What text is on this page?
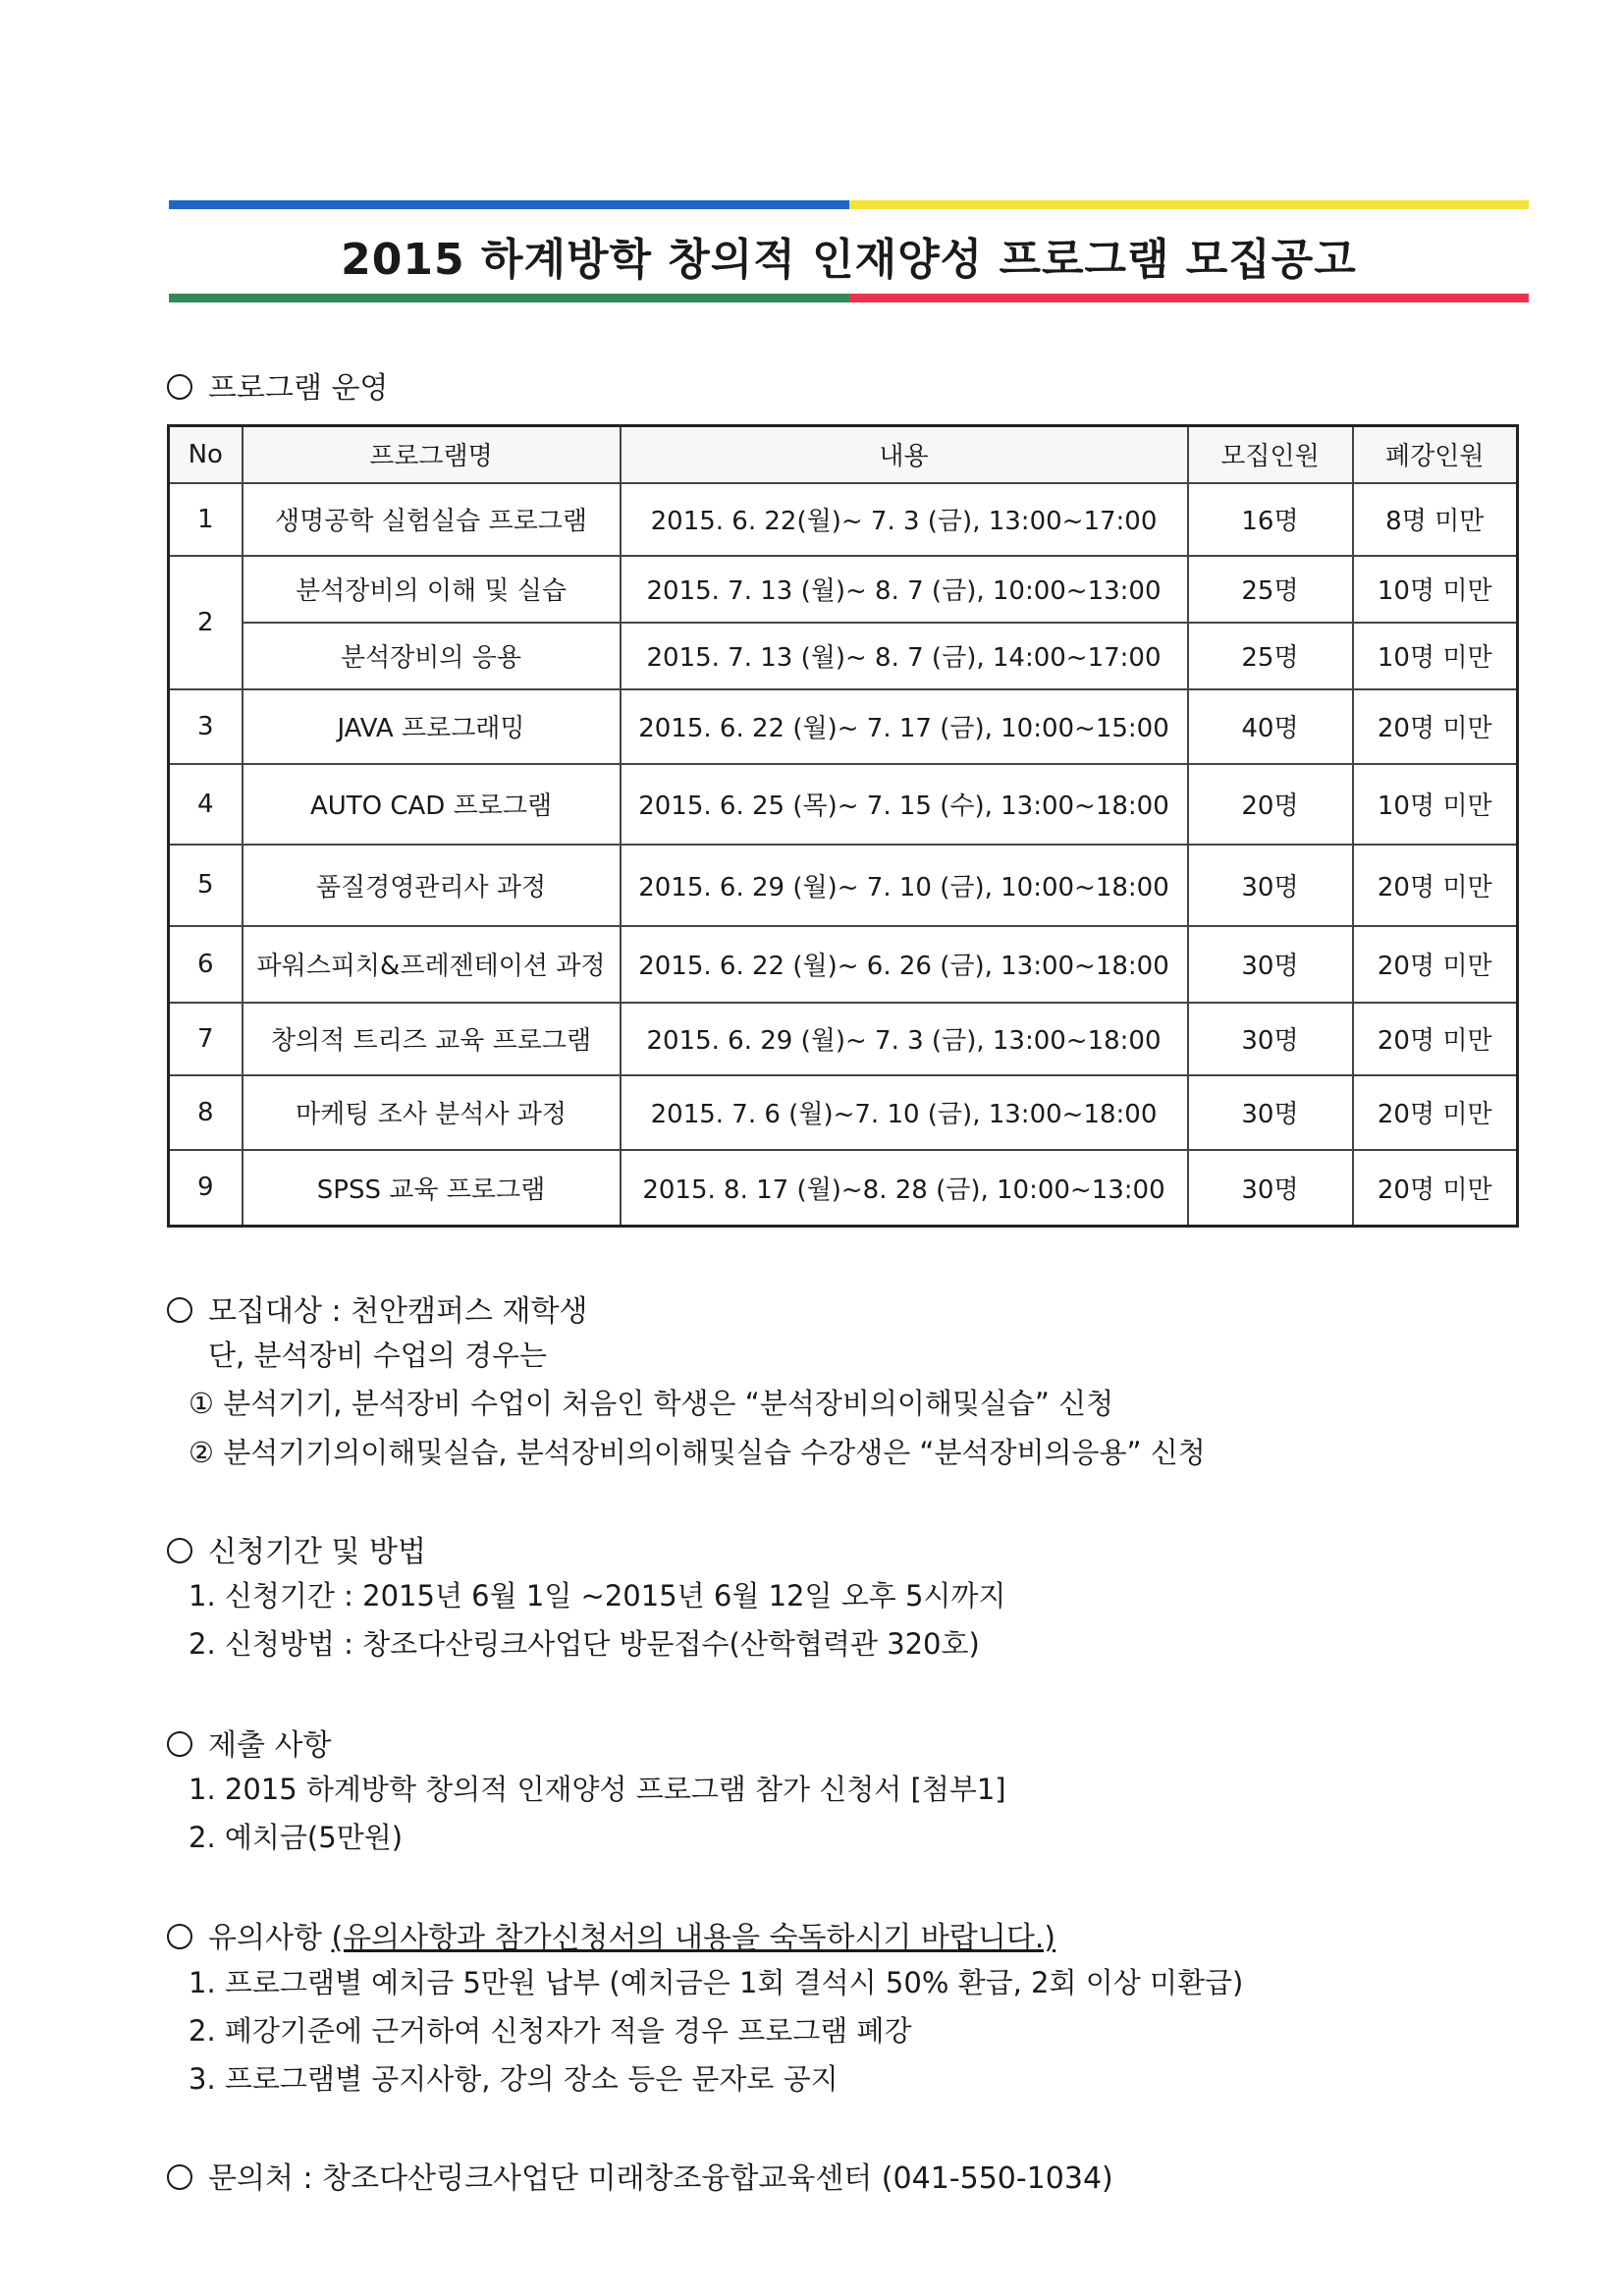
2015 하계방학 창의적 인재양성 프로그램 모집공고
프로그램 운영
No	프로그램명	내용	모집인원	폐강인원
1	생명공학 실험실습 프로그램	2015. 6. 22(월)~ 7. 3 (금), 13:00~17:00	16명	8명 미만
2	분석장비의 이해 및 실습	2015. 7. 13 (월)~ 8. 7 (금), 10:00~13:00	25명	10명 미만
	분석장비의 응용	2015. 7. 13 (월)~ 8. 7 (금), 14:00~17:00	25명	10명 미만
3	JAVA 프로그래밍	2015. 6. 22 (월)~ 7. 17 (금), 10:00~15:00	40명	20명 미만
4	AUTO CAD 프로그램	2015. 6. 25 (목)~ 7. 15 (수), 13:00~18:00	20명	10명 미만
5	품질경영관리사 과정	2015. 6. 29 (월)~ 7. 10 (금), 10:00~18:00	30명	20명 미만
6	파워스피치&프레젠테이션 과정	2015. 6. 22 (월)~ 6. 26 (금), 13:00~18:00	30명	20명 미만
7	창의적 트리즈 교육 프로그램	2015. 6. 29 (월)~ 7. 3 (금), 13:00~18:00	30명	20명 미만
8	마케팅 조사 분석사 과정	2015. 7. 6 (월)~7. 10 (금), 13:00~18:00	30명	20명 미만
9	SPSS 교육 프로그램	2015. 8. 17 (월)~8. 28 (금), 10:00~13:00	30명	20명 미만
모집대상 : 천안캠퍼스 재학생
단, 분석장비 수업의 경우는
① 분석기기, 분석장비 수업이 처음인 학생은 “분석장비의이해및실습” 신청
② 분석기기의이해및실습, 분석장비의이해및실습 수강생은 “분석장비의응용” 신청
신청기간 및 방법
1. 신청기간 : 2015년 6월 1일 ~2015년 6월 12일 오후 5시까지
2. 신청방법 : 창조다산링크사업단 방문접수(산학협력관 320호)
제출 사항
1. 2015 하계방학 창의적 인재양성 프로그램 참가 신청서 [첨부1]
2. 예치금(5만원)
유의사항 (유의사항과 참가신청서의 내용을 숙독하시기 바랍니다.)
1. 프로그램별 예치금 5만원 납부 (예치금은 1회 결석시 50% 환급, 2회 이상 미환급)
2. 폐강기준에 근거하여 신청자가 적을 경우 프로그램 폐강
3. 프로그램별 공지사항, 강의 장소 등은 문자로 공지
문의처 : 창조다산링크사업단 미래창조융합교육센터 (041-550-1034)
